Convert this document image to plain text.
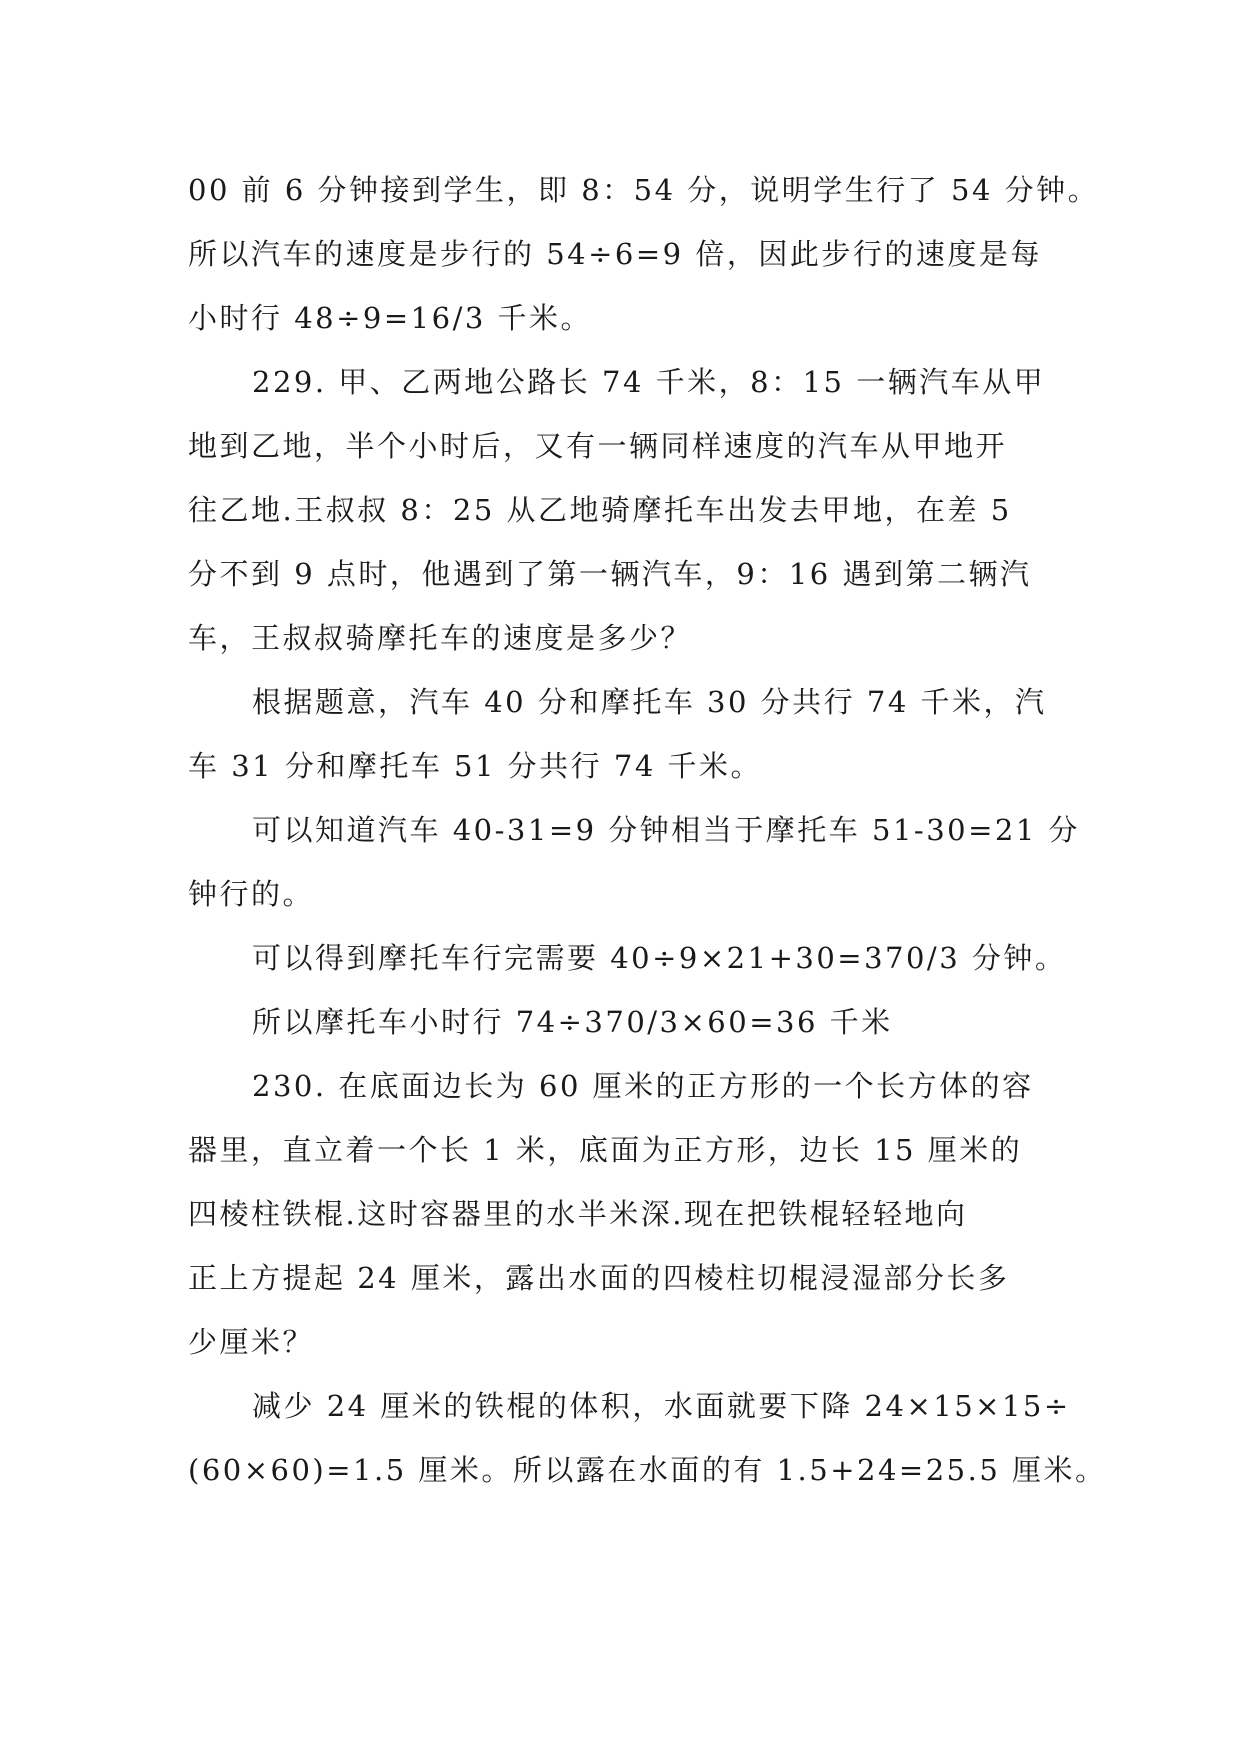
00 前 6 分钟接到学生，即 8：54 分，说明学生行了 54 分钟。
所以汽车的速度是步行的 54÷6=9 倍，因此步行的速度是每
小时行 48÷9=16/3 千米。
229. 甲、乙两地公路长 74 千米，8：15 一辆汽车从甲
地到乙地，半个小时后，又有一辆同样速度的汽车从甲地开
往乙地.王叔叔 8：25 从乙地骑摩托车出发去甲地，在差 5
分不到 9 点时，他遇到了第一辆汽车，9：16 遇到第二辆汽
车，王叔叔骑摩托车的速度是多少？
根据题意，汽车 40 分和摩托车 30 分共行 74 千米，汽
车 31 分和摩托车 51 分共行 74 千米。
可以知道汽车 40-31=9 分钟相当于摩托车 51-30=21 分
钟行的。
可以得到摩托车行完需要 40÷9×21+30=370/3 分钟。
所以摩托车小时行 74÷370/3×60=36 千米
230. 在底面边长为 60 厘米的正方形的一个长方体的容
器里，直立着一个长 1 米，底面为正方形，边长 15 厘米的
四棱柱铁棍.这时容器里的水半米深.现在把铁棍轻轻地向
正上方提起 24 厘米，露出水面的四棱柱切棍浸湿部分长多
少厘米？
减少 24 厘米的铁棍的体积，水面就要下降 24×15×15÷
(60×60)=1.5 厘米。所以露在水面的有 1.5+24=25.5 厘米。
